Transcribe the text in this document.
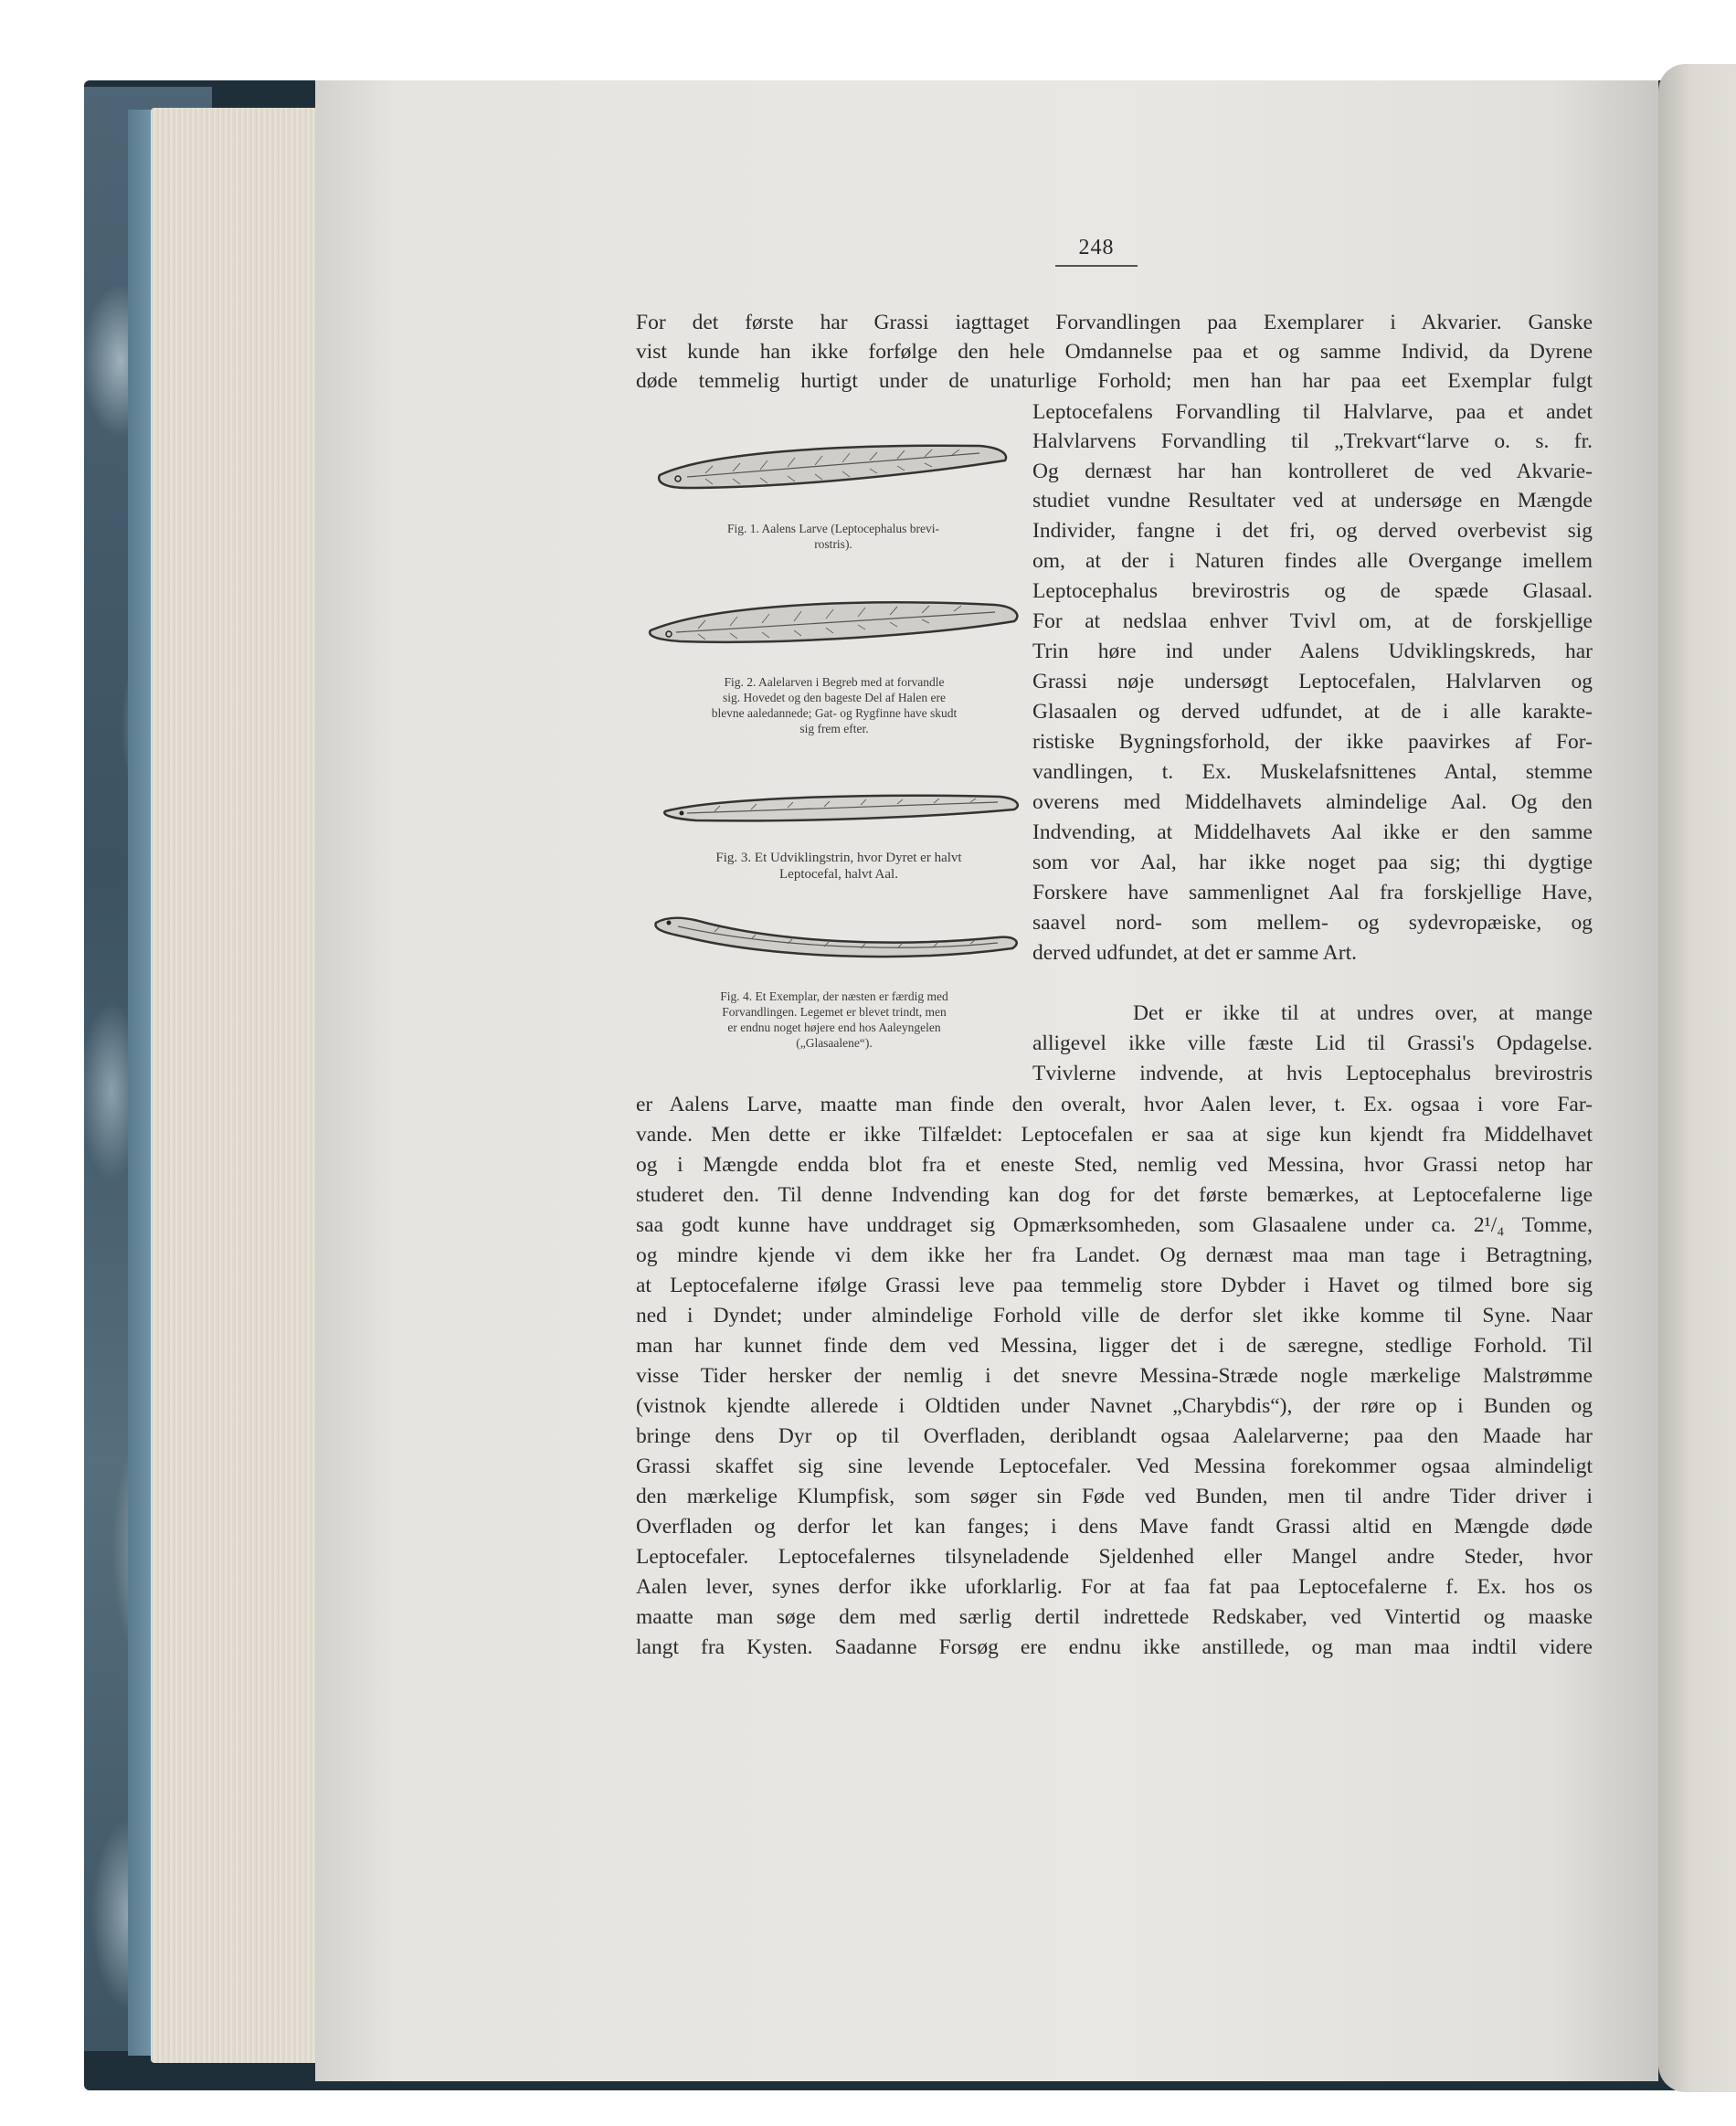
248
For det første har Grassi iagttaget Forvandlingen paa Exemplarer i Akvarier. Ganske
vist kunde han ikke forfølge den hele Omdannelse paa et og samme Individ, da Dyrene
døde temmelig hurtigt under de unaturlige Forhold; men han har paa eet Exemplar fulgt
Leptocefalens Forvandling til Halvlarve, paa et andet
Halvlarvens Forvandling til „Trekvart“larve o. s. fr.
Og dernæst har han kontrolleret de ved Akvarie-
studiet vundne Resultater ved at undersøge en Mængde
Individer, fangne i det fri, og derved overbevist sig
om, at der i Naturen findes alle Overgange imellem
Leptocephalus brevirostris og de spæde Glasaal.
For at nedslaa enhver Tvivl om, at de forskjellige
Trin høre ind under Aalens Udviklingskreds, har
Grassi nøje undersøgt Leptocefalen, Halvlarven og
Glasaalen og derved udfundet, at de i alle karakte-
ristiske Bygningsforhold, der ikke paavirkes af For-
vandlingen, t. Ex. Muskelafsnittenes Antal, stemme
overens med Middelhavets almindelige Aal. Og den
Indvending, at Middelhavets Aal ikke er den samme
som vor Aal, har ikke noget paa sig; thi dygtige
Forskere have sammenlignet Aal fra forskjellige Have,
saavel nord- som mellem- og sydevropæiske, og
derved udfundet, at det er samme Art.
Det er ikke til at undres over, at mange
alligevel ikke ville fæste Lid til Grassi's Opdagelse.
Tvivlerne indvende, at hvis Leptocephalus brevirostris
Fig. 1. Aalens Larve (Leptocephalus brevi-
rostris).
Fig. 2. Aalelarven i Begreb med at forvandle
sig. Hovedet og den bageste Del af Halen ere
blevne aaledannede; Gat- og Rygfinne have skudt
sig frem efter.
Fig. 3. Et Udviklingstrin, hvor Dyret er halvt
Leptocefal, halvt Aal.
Fig. 4. Et Exemplar, der næsten er færdig med
Forvandlingen. Legemet er blevet trindt, men
er endnu noget højere end hos Aaleyngelen
(„Glasaalene“).
er Aalens Larve, maatte man finde den overalt, hvor Aalen lever, t. Ex. ogsaa i vore Far-
vande. Men dette er ikke Tilfældet: Leptocefalen er saa at sige kun kjendt fra Middelhavet
og i Mængde endda blot fra et eneste Sted, nemlig ved Messina, hvor Grassi netop har
studeret den. Til denne Indvending kan dog for det første bemærkes, at Leptocefalerne lige
saa godt kunne have unddraget sig Opmærksomheden, som Glasaalene under ca. 2¹/₄ Tomme,
og mindre kjende vi dem ikke her fra Landet. Og dernæst maa man tage i Betragtning,
at Leptocefalerne ifølge Grassi leve paa temmelig store Dybder i Havet og tilmed bore sig
ned i Dyndet; under almindelige Forhold ville de derfor slet ikke komme til Syne. Naar
man har kunnet finde dem ved Messina, ligger det i de særegne, stedlige Forhold. Til
visse Tider hersker der nemlig i det snevre Messina-Stræde nogle mærkelige Malstrømme
(vistnok kjendte allerede i Oldtiden under Navnet „Charybdis“), der røre op i Bunden og
bringe dens Dyr op til Overfladen, deriblandt ogsaa Aalelarverne; paa den Maade har
Grassi skaffet sig sine levende Leptocefaler. Ved Messina forekommer ogsaa almindeligt
den mærkelige Klumpfisk, som søger sin Føde ved Bunden, men til andre Tider driver i
Overfladen og derfor let kan fanges; i dens Mave fandt Grassi altid en Mængde døde
Leptocefaler. Leptocefalernes tilsyneladende Sjeldenhed eller Mangel andre Steder, hvor
Aalen lever, synes derfor ikke uforklarlig. For at faa fat paa Leptocefalerne f. Ex. hos os
maatte man søge dem med særlig dertil indrettede Redskaber, ved Vintertid og maaske
langt fra Kysten. Saadanne Forsøg ere endnu ikke anstillede, og man maa indtil videre
